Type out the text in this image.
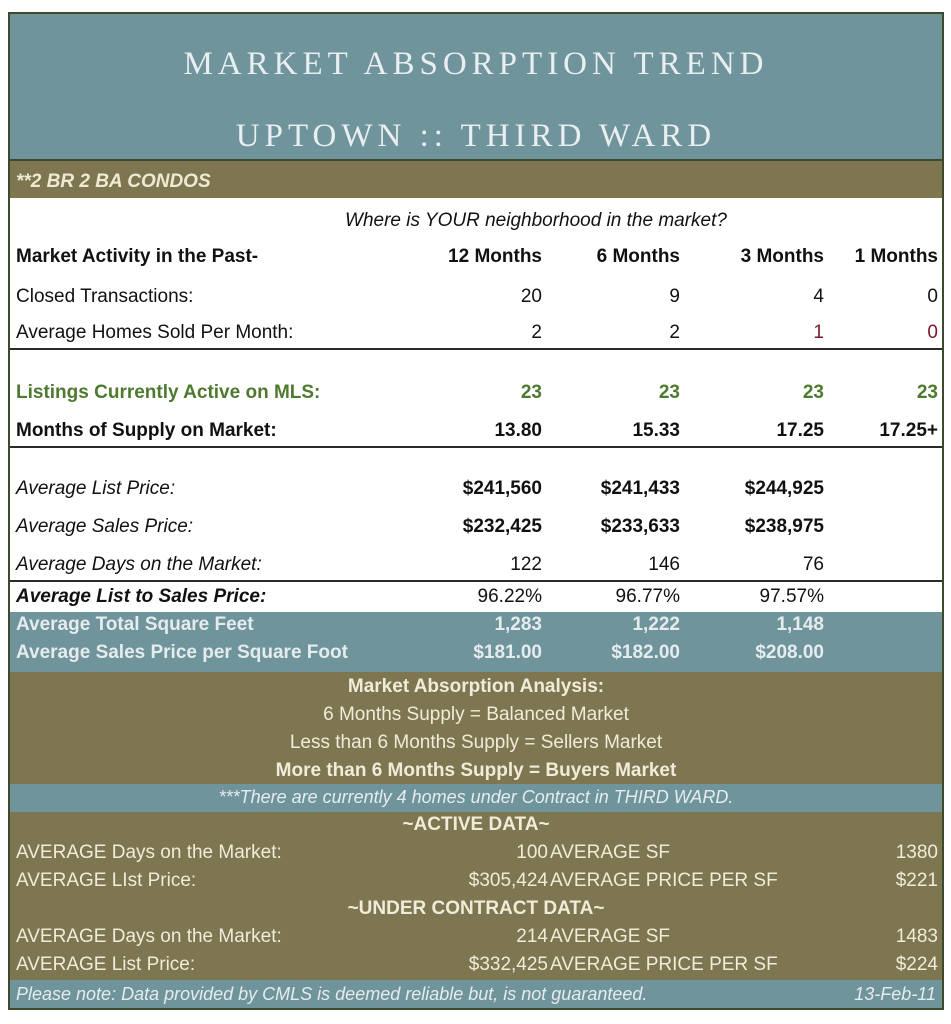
MARKET ABSORPTION TREND
UPTOWN :: THIRD WARD
**2 BR 2 BA CONDOS
Where is YOUR neighborhood in the market?
Market Activity in the Past-	12 Months	6 Months	3 Months 1 Months
Closed Transactions:	20	9	4	0
Average Homes Sold Per Month:	2	2	1	0
Listings Currently Active on MLS:	23	23	23	23
Months of Supply on Market:	13.80	15.33	17.25	17.25+
Average List Price:	$241,560	$241,433	$244,925
Average Sales Price:	$232,425	$233,633	$238,975
Average Days on the Market:	122	146	76
Average List to Sales Price:	96.22%	96.77%	97.57%
Average Total Square Feet	1,283	1,222	1,148
Average Sales Price per Square Foot	$181.00	$182.00	$208.00
Market Absorption Analysis:
6 Months Supply = Balanced Market
Less than 6 Months Supply = Sellers Market
More than 6 Months Supply = Buyers Market
***There are currently 4 homes under Contract in THIRD WARD.
~ACTIVE DATA~
AVERAGE Days on the Market:	100 AVERAGE SF	1380
AVERAGE LIst Price:	$305,424 AVERAGE PRICE PER SF	$221
~UNDER CONTRACT DATA~
AVERAGE Days on the Market:	214 AVERAGE SF	1483
AVERAGE List Price:	$332,425 AVERAGE PRICE PER SF	$224
Please note: Data provided by CMLS is deemed reliable but, is not guaranteed.	13-Feb-11
